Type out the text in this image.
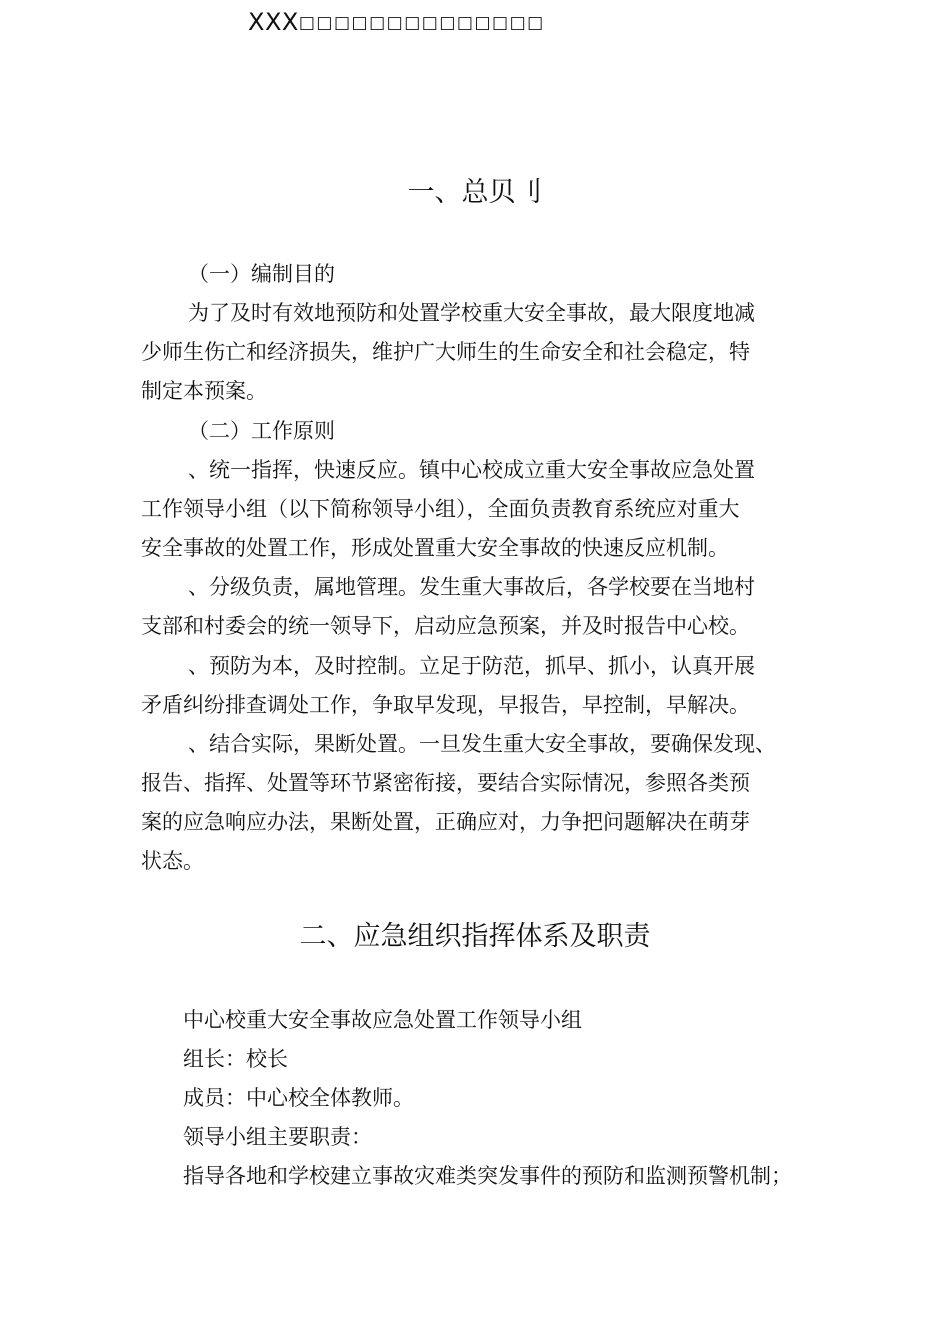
XXX□□□□□□□□□□□□□□
一、总贝刂
（一）编制目的
为了及时有效地预防和处置学校重大安全事故，最大限度地减
少师生伤亡和经济损失，维护广大师生的生命安全和社会稳定，特
制定本预案。
（二）工作原则
、统一指挥，快速反应。镇中心校成立重大安全事故应急处置
工作领导小组（以下简称领导小组），全面负责教育系统应对重大
安全事故的处置工作，形成处置重大安全事故的快速反应机制。
、分级负责，属地管理。发生重大事故后，各学校要在当地村
支部和村委会的统一领导下，启动应急预案，并及时报告中心校。
、预防为本，及时控制。立足于防范，抓早、抓小，认真开展
矛盾纠纷排查调处工作，争取早发现，早报告，早控制，早解决。
、结合实际，果断处置。一旦发生重大安全事故，要确保发现、
报告、指挥、处置等环节紧密衔接，要结合实际情况，参照各类预
案的应急响应办法，果断处置，正确应对，力争把问题解决在萌芽
状态。
二、应急组织指挥体系及职责
中心校重大安全事故应急处置工作领导小组
组长：校长
成员：中心校全体教师。
领导小组主要职责：
指导各地和学校建立事故灾难类突发事件的预防和监测预警机制；
